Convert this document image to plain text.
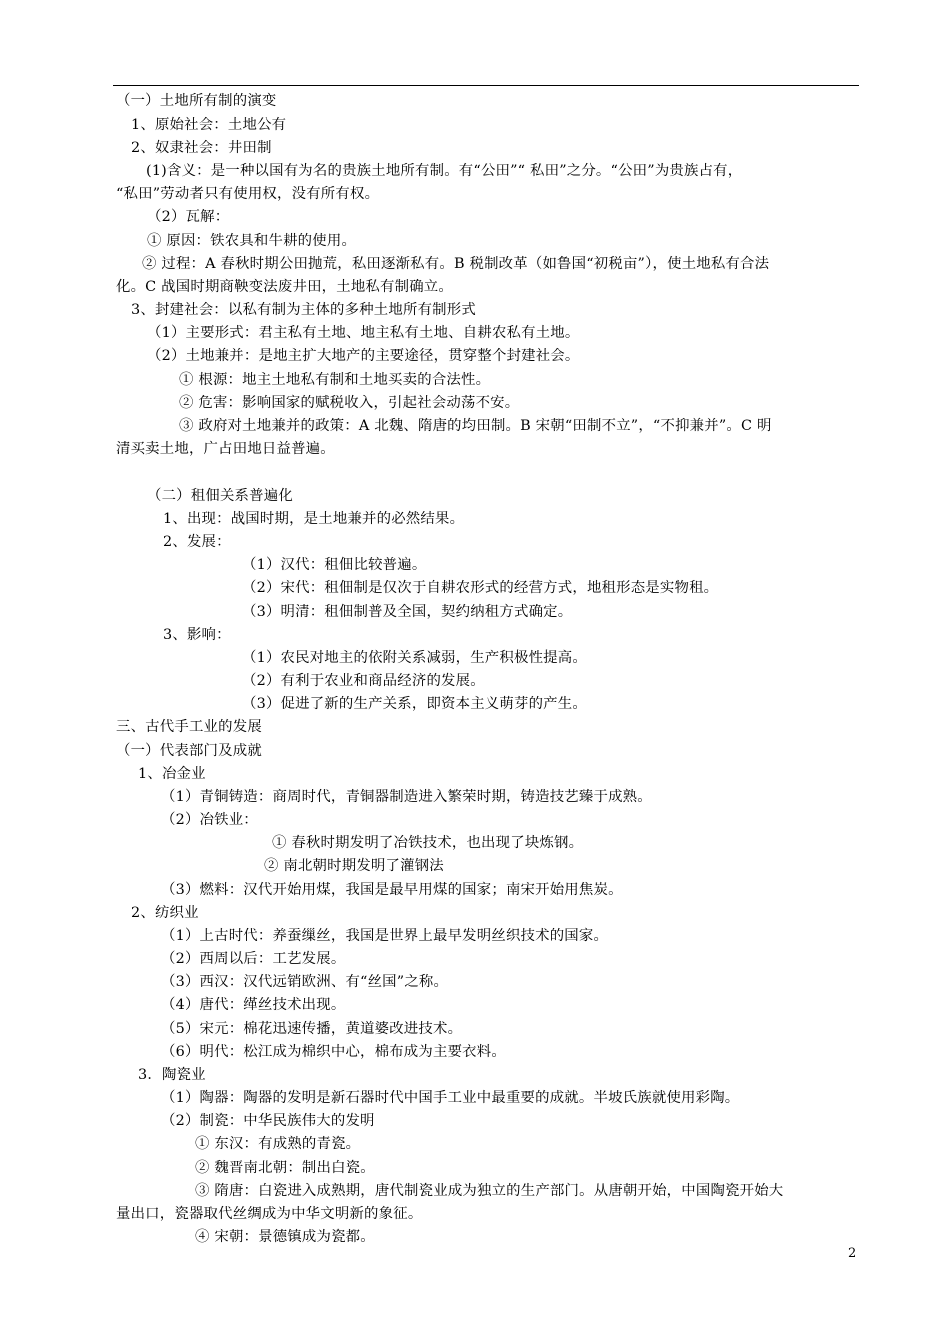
（一）土地所有制的演变
1、原始社会：土地公有
2、奴隶社会：井田制
(1)含义：是一种以国有为名的贵族土地所有制。有“公田”“ 私田”之分。“公田”为贵族占有，
“私田”劳动者只有使用权，没有所有权。
（2）瓦解：
① 原因：铁农具和牛耕的使用。
② 过程：A 春秋时期公田抛荒，私田逐渐私有。B 税制改革（如鲁国“初税亩”），使土地私有合法
化。C 战国时期商鞅变法废井田，土地私有制确立。
3、封建社会：以私有制为主体的多种土地所有制形式
（1）主要形式：君主私有土地、地主私有土地、自耕农私有土地。
（2）土地兼并：是地主扩大地产的主要途径，贯穿整个封建社会。
① 根源：地主土地私有制和土地买卖的合法性。
② 危害：影响国家的赋税收入，引起社会动荡不安。
③ 政府对土地兼并的政策：A 北魏、隋唐的均田制。B 宋朝“田制不立”，“不抑兼并”。C 明
清买卖土地，广占田地日益普遍。
（二）租佃关系普遍化
1、出现：战国时期，是土地兼并的必然结果。
2、发展：
（1）汉代：租佃比较普遍。
（2）宋代：租佃制是仅次于自耕农形式的经营方式，地租形态是实物租。
（3）明清：租佃制普及全国，契约纳租方式确定。
3、影响：
（1）农民对地主的依附关系减弱，生产积极性提高。
（2）有利于农业和商品经济的发展。
（3）促进了新的生产关系，即资本主义萌芽的产生。
三、古代手工业的发展
（一）代表部门及成就
1、冶金业
（1）青铜铸造：商周时代，青铜器制造进入繁荣时期，铸造技艺臻于成熟。
（2）冶铁业：
① 春秋时期发明了冶铁技术，也出现了块炼钢。
② 南北朝时期发明了灌钢法
（3）燃料：汉代开始用煤，我国是最早用煤的国家；南宋开始用焦炭。
2、纺织业
（1）上古时代：养蚕缫丝，我国是世界上最早发明丝织技术的国家。
（2）西周以后：工艺发展。
（3）西汉：汉代远销欧洲、有“丝国”之称。
（4）唐代：缂丝技术出现。
（5）宋元：棉花迅速传播，黄道婆改进技术。
（6）明代：松江成为棉织中心，棉布成为主要衣料。
3．陶瓷业
（1）陶器：陶器的发明是新石器时代中国手工业中最重要的成就。半坡氏族就使用彩陶。
（2）制瓷：中华民族伟大的发明
① 东汉：有成熟的青瓷。
② 魏晋南北朝：制出白瓷。
③ 隋唐：白瓷进入成熟期，唐代制瓷业成为独立的生产部门。从唐朝开始，中国陶瓷开始大
量出口，瓷器取代丝绸成为中华文明新的象征。
④ 宋朝：景德镇成为瓷都。
2
